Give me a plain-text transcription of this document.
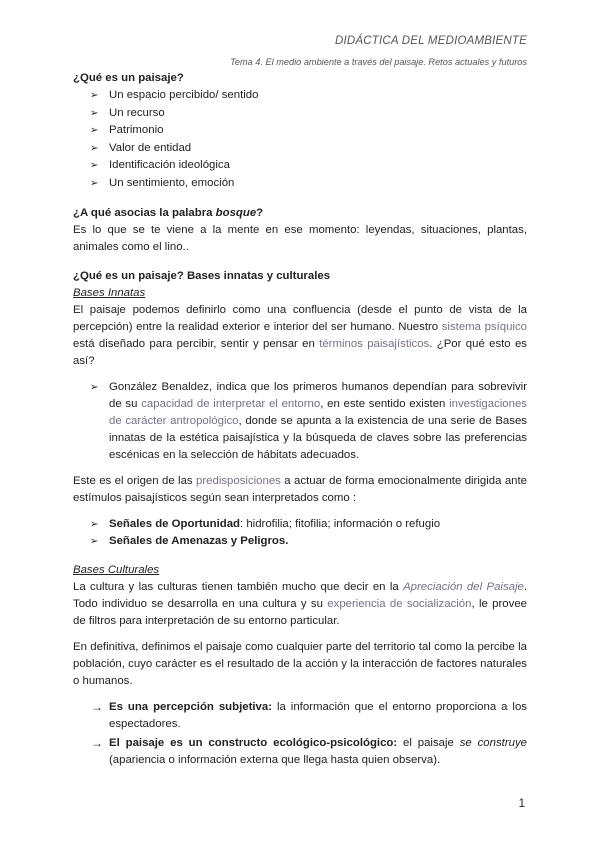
DIDÁCTICA DEL MEDIOAMBIENTE
Tema 4. El medio ambiente a través del paisaje. Retos actuales y futuros

¿Qué es un paisaje?

➢ Un espacio percibido/ sentido
➢ Un recurso
➢ Patrimonio
➢ Valor de entidad
➢ Identificación ideológica
➢ Un sentimiento, emoción

¿A qué asocias la palabra bosque?

Es lo que se te viene a la mente en ese momento: leyendas, situaciones, plantas, animales como el lino..

¿Qué es un paisaje? Bases innatas y culturales

Bases Innatas

El paisaje podemos definirlo como una confluencia (desde el punto de vista de la percepción) entre la realidad exterior e interior del ser humano. Nuestro sistema psíquico está diseñado para percibir, sentir y pensar en términos paisajísticos. ¿Por qué esto es así?

➢ González Benaldez, indica que los primeros humanos dependían para sobrevivir de su capacidad de interpretar el entorno, en este sentido existen investigaciones de carácter antropológico, donde se apunta a la existencia de una serie de Bases innatas de la estética paisajística y la búsqueda de claves sobre las preferencias escénicas en la selección de hábitats adecuados.

Este es el origen de las predisposiciones a actuar de forma emocionalmente dirigida ante estímulos paisajísticos según sean interpretados como :

➢ Señales de Oportunidad: hidrofilia; fitofilia; información o refugio
➢ Señales de Amenazas y Peligros.

Bases Culturales

La cultura y las culturas tienen también mucho que decir en la Apreciación del Paisaje. Todo individuo se desarrolla en una cultura y su experiencia de socialización, le provee de filtros para interpretación de su entorno particular.

En definitiva, definimos el paisaje como cualquier parte del territorio tal como la percibe la población, cuyo carácter es el resultado de la acción y la interacción de factores naturales o humanos.

→ Es una percepción subjetiva: la información que el entorno proporciona a los espectadores.
→ El paisaje es un constructo ecológico-psicológico: el paisaje se construye (apariencia o información externa que llega hasta quien observa).
1
